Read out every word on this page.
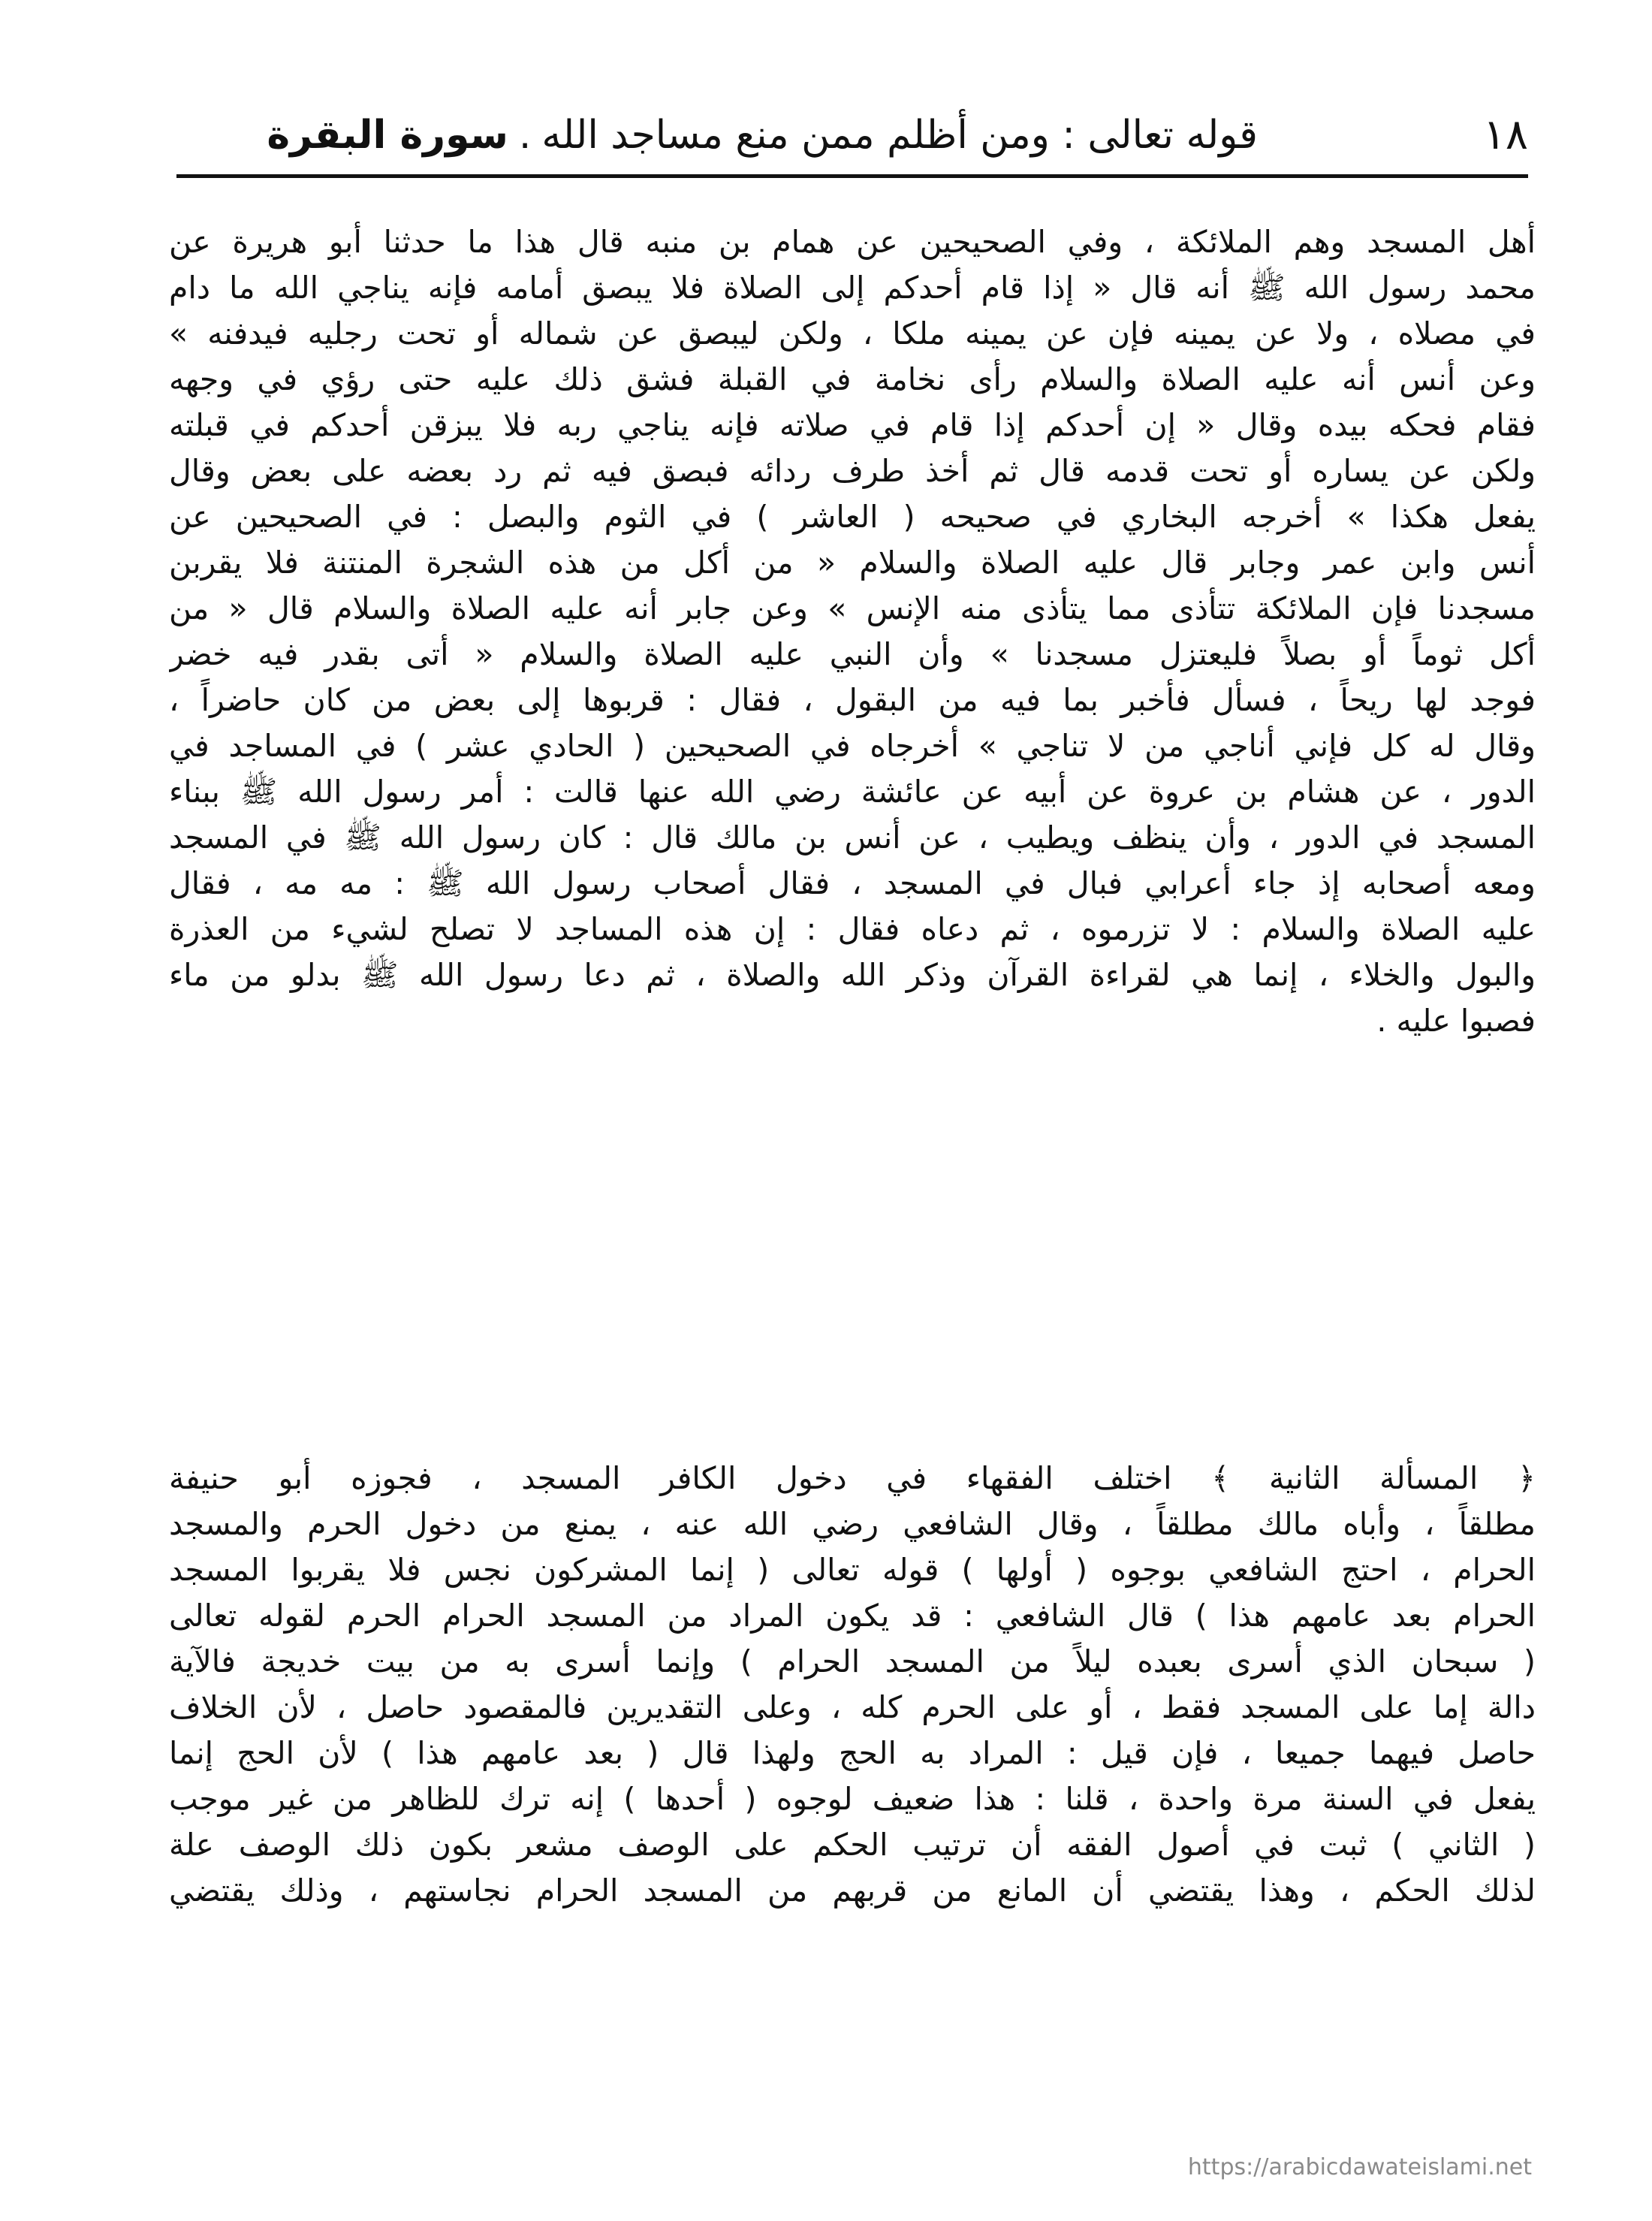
١٨
قوله تعالى : ومن أظلم ممن منع مساجد الله.سورة البقرة
أهل المسجد وهم الملائكة ، وفي الصحيحين عن همام بن منبه قال هذا ما حدثنا أبو هريرة عن
محمد رسول الله ﷺ أنه قال « إذا قام أحدكم إلى الصلاة فلا يبصق أمامه فإنه يناجي الله ما دام
في مصلاه ، ولا عن يمينه فإن عن يمينه ملكا ، ولكن ليبصق عن شماله أو تحت رجليه فيدفنه »
وعن أنس أنه عليه الصلاة والسلام رأى نخامة في القبلة فشق ذلك عليه حتى رؤي في وجهه
فقام فحكه بيده وقال « إن أحدكم إذا قام في صلاته فإنه يناجي ربه فلا يبزقن أحدكم في قبلته
ولكن عن يساره أو تحت قدمه قال ثم أخذ طرف ردائه فبصق فيه ثم رد بعضه على بعض وقال
يفعل هكذا » أخرجه البخاري في صحيحه ( العاشر ) في الثوم والبصل : في الصحيحين عن
أنس وابن عمر وجابر قال عليه الصلاة والسلام « من أكل من هذه الشجرة المنتنة فلا يقربن
مسجدنا فإن الملائكة تتأذى مما يتأذى منه الإنس » وعن جابر أنه عليه الصلاة والسلام قال « من
أكل ثوماً أو بصلاً فليعتزل مسجدنا » وأن النبي عليه الصلاة والسلام « أتى بقدر فيه خضر
فوجد لها ريحاً ، فسأل فأخبر بما فيه من البقول ، فقال : قربوها إلى بعض من كان حاضراً ،
وقال له كل فإني أناجي من لا تناجي » أخرجاه في الصحيحين ( الحادي عشر ) في المساجد في
الدور ، عن هشام بن عروة عن أبيه عن عائشة رضي الله عنها قالت : أمر رسول الله ﷺ ببناء
المسجد في الدور ، وأن ينظف ويطيب ، عن أنس بن مالك قال : كان رسول الله ﷺ في المسجد
ومعه أصحابه إذ جاء أعرابي فبال في المسجد ، فقال أصحاب رسول الله ﷺ : مه مه ، فقال
عليه الصلاة والسلام : لا تزرموه ، ثم دعاه فقال : إن هذه المساجد لا تصلح لشيء من العذرة
والبول والخلاء ، إنما هي لقراءة القرآن وذكر الله والصلاة ، ثم دعا رسول الله ﷺ بدلو من ماء
فصبوا عليه .
﴿ المسألة الثانية ﴾ اختلف الفقهاء في دخول الكافر المسجد ، فجوزه أبو حنيفة
مطلقاً ، وأباه مالك مطلقاً ، وقال الشافعي رضي الله عنه ، يمنع من دخول الحرم والمسجد
الحرام ، احتج الشافعي بوجوه ( أولها ) قوله تعالى ( إنما المشركون نجس فلا يقربوا المسجد
الحرام بعد عامهم هذا ) قال الشافعي : قد يكون المراد من المسجد الحرام الحرم لقوله تعالى
( سبحان الذي أسرى بعبده ليلاً من المسجد الحرام ) وإنما أسرى به من بيت خديجة فالآية
دالة إما على المسجد فقط ، أو على الحرم كله ، وعلى التقديرين فالمقصود حاصل ، لأن الخلاف
حاصل فيهما جميعا ، فإن قيل : المراد به الحج ولهذا قال ( بعد عامهم هذا ) لأن الحج إنما
يفعل في السنة مرة واحدة ، قلنا : هذا ضعيف لوجوه ( أحدها ) إنه ترك للظاهر من غير موجب
( الثاني ) ثبت في أصول الفقه أن ترتيب الحكم على الوصف مشعر بكون ذلك الوصف علة
لذلك الحكم ، وهذا يقتضي أن المانع من قربهم من المسجد الحرام نجاستهم ، وذلك يقتضي
https://arabicdawateislami.net
